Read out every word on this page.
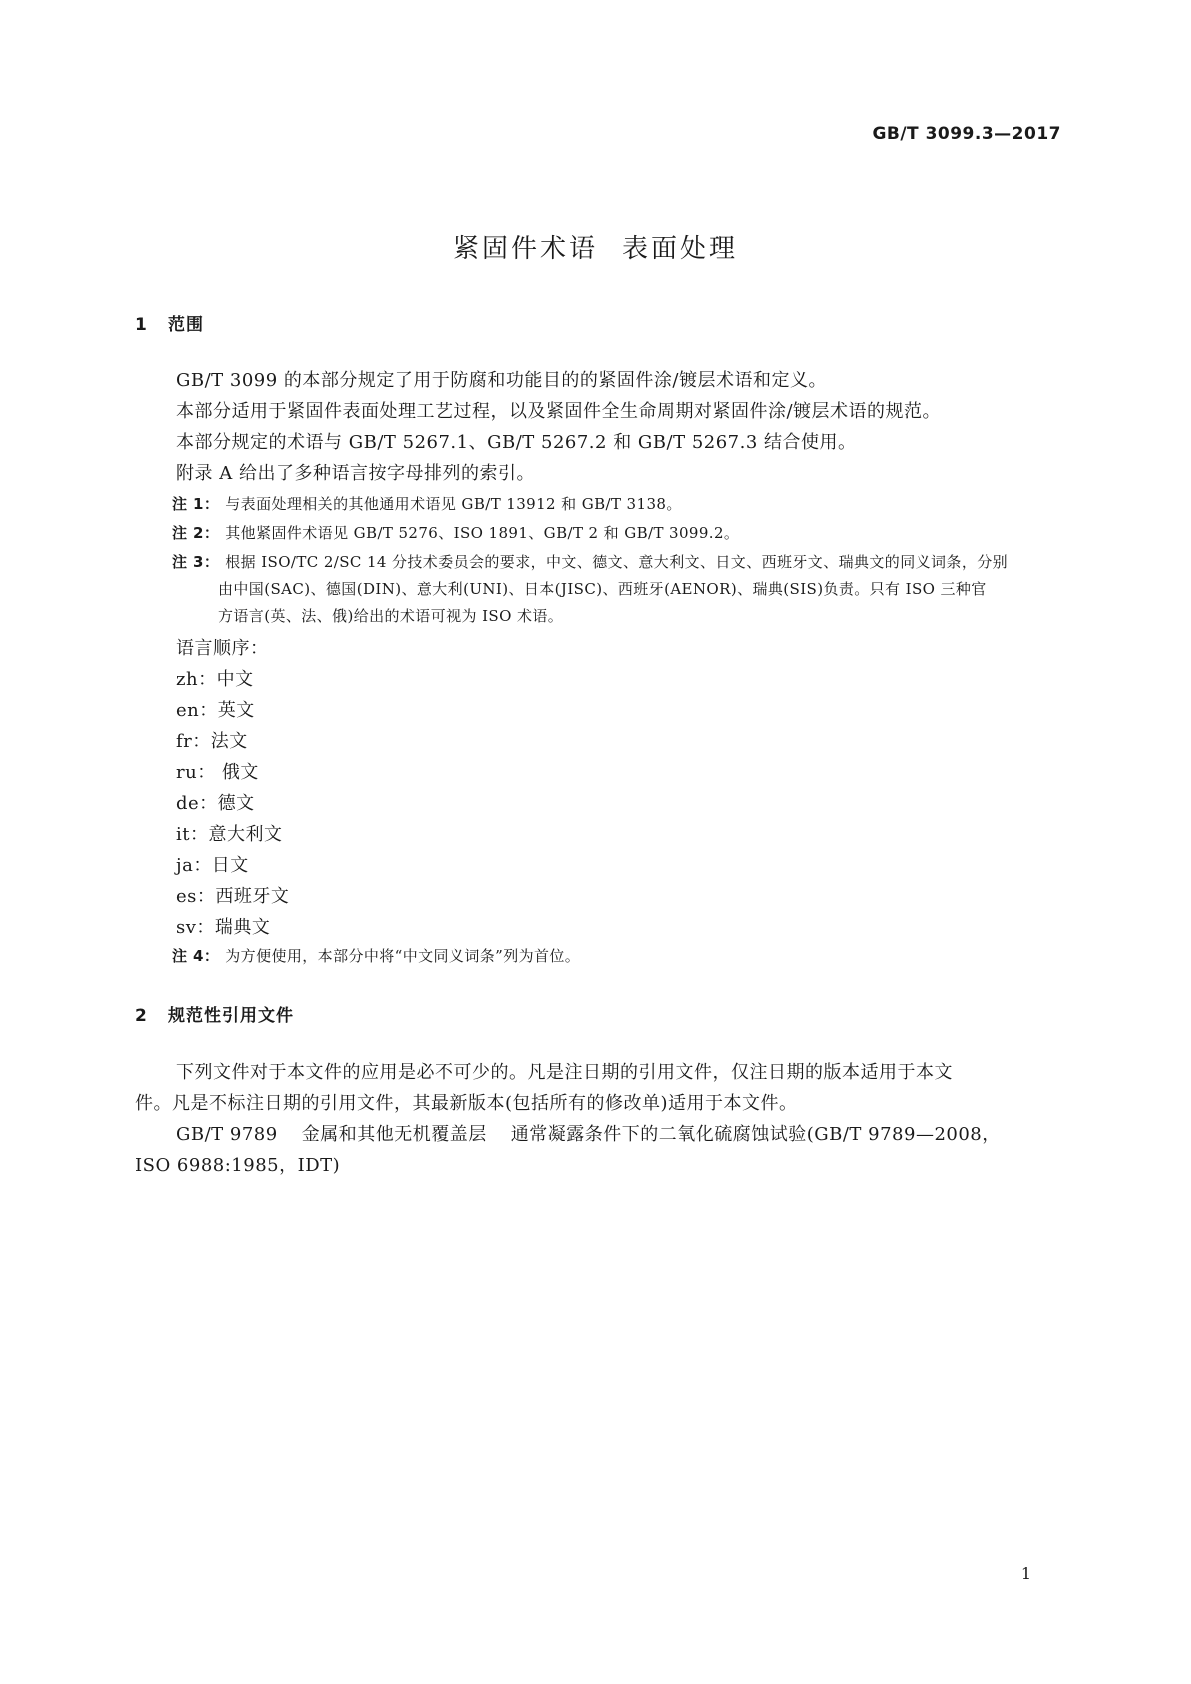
GB/T 3099.3—2017
紧固件术语 表面处理
1 范围
GB/T 3099 的本部分规定了用于防腐和功能目的的紧固件涂/镀层术语和定义。
本部分适用于紧固件表面处理工艺过程，以及紧固件全生命周期对紧固件涂/镀层术语的规范。
本部分规定的术语与 GB/T 5267.1、GB/T 5267.2 和 GB/T 5267.3 结合使用。
附录 A 给出了多种语言按字母排列的索引。
注 1： 与表面处理相关的其他通用术语见 GB/T 13912 和 GB/T 3138。
注 2： 其他紧固件术语见 GB/T 5276、ISO 1891、GB/T 2 和 GB/T 3099.2。
注 3： 根据 ISO/TC 2/SC 14 分技术委员会的要求，中文、德文、意大利文、日文、西班牙文、瑞典文的同义词条，分别
由中国(SAC)、德国(DIN)、意大利(UNI)、日本(JISC)、西班牙(AENOR)、瑞典(SIS)负责。只有 ISO 三种官
方语言(英、法、俄)给出的术语可视为 ISO 术语。
语言顺序：
zh：中文
en：英文
fr：法文
ru： 俄文
de：德文
it：意大利文
ja：日文
es：西班牙文
sv：瑞典文
注 4： 为方便使用，本部分中将“中文同义词条”列为首位。
2 规范性引用文件
下列文件对于本文件的应用是必不可少的。凡是注日期的引用文件，仅注日期的版本适用于本文
件。凡是不标注日期的引用文件，其最新版本(包括所有的修改单)适用于本文件。
GB/T 9789 金属和其他无机覆盖层 通常凝露条件下的二氧化硫腐蚀试验(GB/T 9789—2008，
ISO 6988:1985，IDT)
1
